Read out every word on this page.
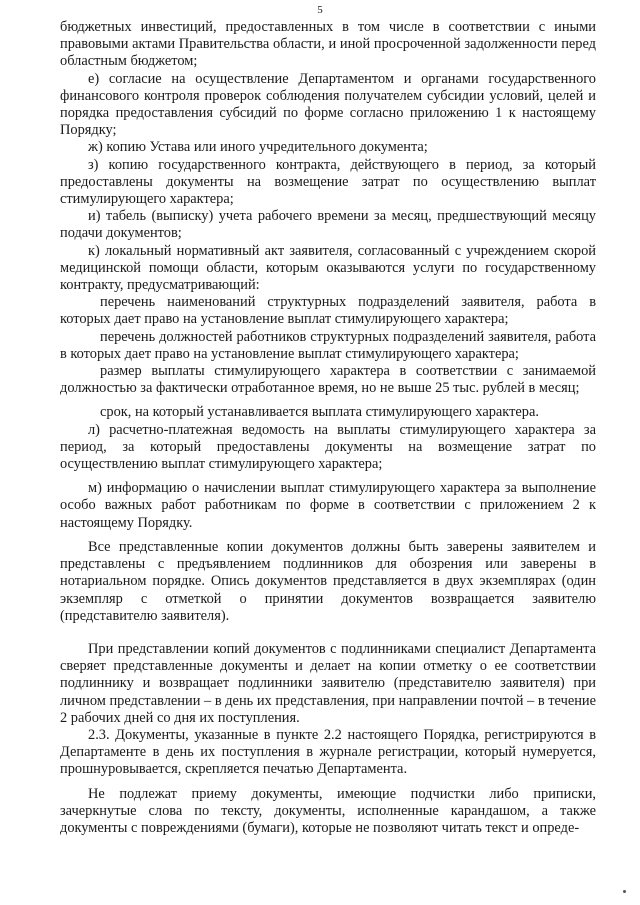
5

бюджетных инвестиций, предоставленных в том числе в соответствии с иными правовыми актами Правительства области, и иной просроченной задолженности перед областным бюджетом;

е) согласие на осуществление Департаментом и органами государственного финансового контроля проверок соблюдения получателем субсидии условий, целей и порядка предоставления субсидий по форме согласно приложению 1 к настоящему Порядку;

ж) копию Устава или иного учредительного документа;

з) копию государственного контракта, действующего в период, за который предоставлены документы на возмещение затрат по осуществлению выплат стимулирующего характера;

и) табель (выписку) учета рабочего времени за месяц, предшествующий месяцу подачи документов;

к) локальный нормативный акт заявителя, согласованный с учреждением скорой медицинской помощи области, которым оказываются услуги по государственному контракту, предусматривающий:

перечень наименований структурных подразделений заявителя, работа в которых дает право на установление выплат стимулирующего характера;

перечень должностей работников структурных подразделений заявителя, работа в которых дает право на установление выплат стимулирующего характера;

размер выплаты стимулирующего характера в соответствии с занимаемой должностью за фактически отработанное время, но не выше 25 тыс. рублей в месяц;

срок, на который устанавливается выплата стимулирующего характера.

л) расчетно-платежная ведомость на выплаты стимулирующего характера за период, за который предоставлены документы на возмещение затрат по осуществлению выплат стимулирующего характера;

м) информацию о начислении выплат стимулирующего характера за выполнение особо важных работ работникам по форме в соответствии с приложением 2 к настоящему Порядку.

Все представленные копии документов должны быть заверены заявителем и представлены с предъявлением подлинников для обозрения или заверены в нотариальном порядке. Опись документов представляется в двух экземплярах (один экземпляр с отметкой о принятии документов возвращается заявителю (представителю заявителя).

При представлении копий документов с подлинниками специалист Департамента сверяет представленные документы и делает на копии отметку о ее соответствии подлиннику и возвращает подлинники заявителю (представителю заявителя) при личном представлении – в день их представления, при направлении почтой – в течение 2 рабочих дней со дня их поступления.

2.3. Документы, указанные в пункте 2.2 настоящего Порядка, регистрируются в Департаменте в день их поступления в журнале регистрации, который нумеруется, прошнуровывается, скрепляется печатью Департамента.

Не подлежат приему документы, имеющие подчистки либо приписки, зачеркнутые слова по тексту, документы, исполненные карандашом, а также документы с повреждениями (бумаги), которые не позволяют читать текст и опреде-
